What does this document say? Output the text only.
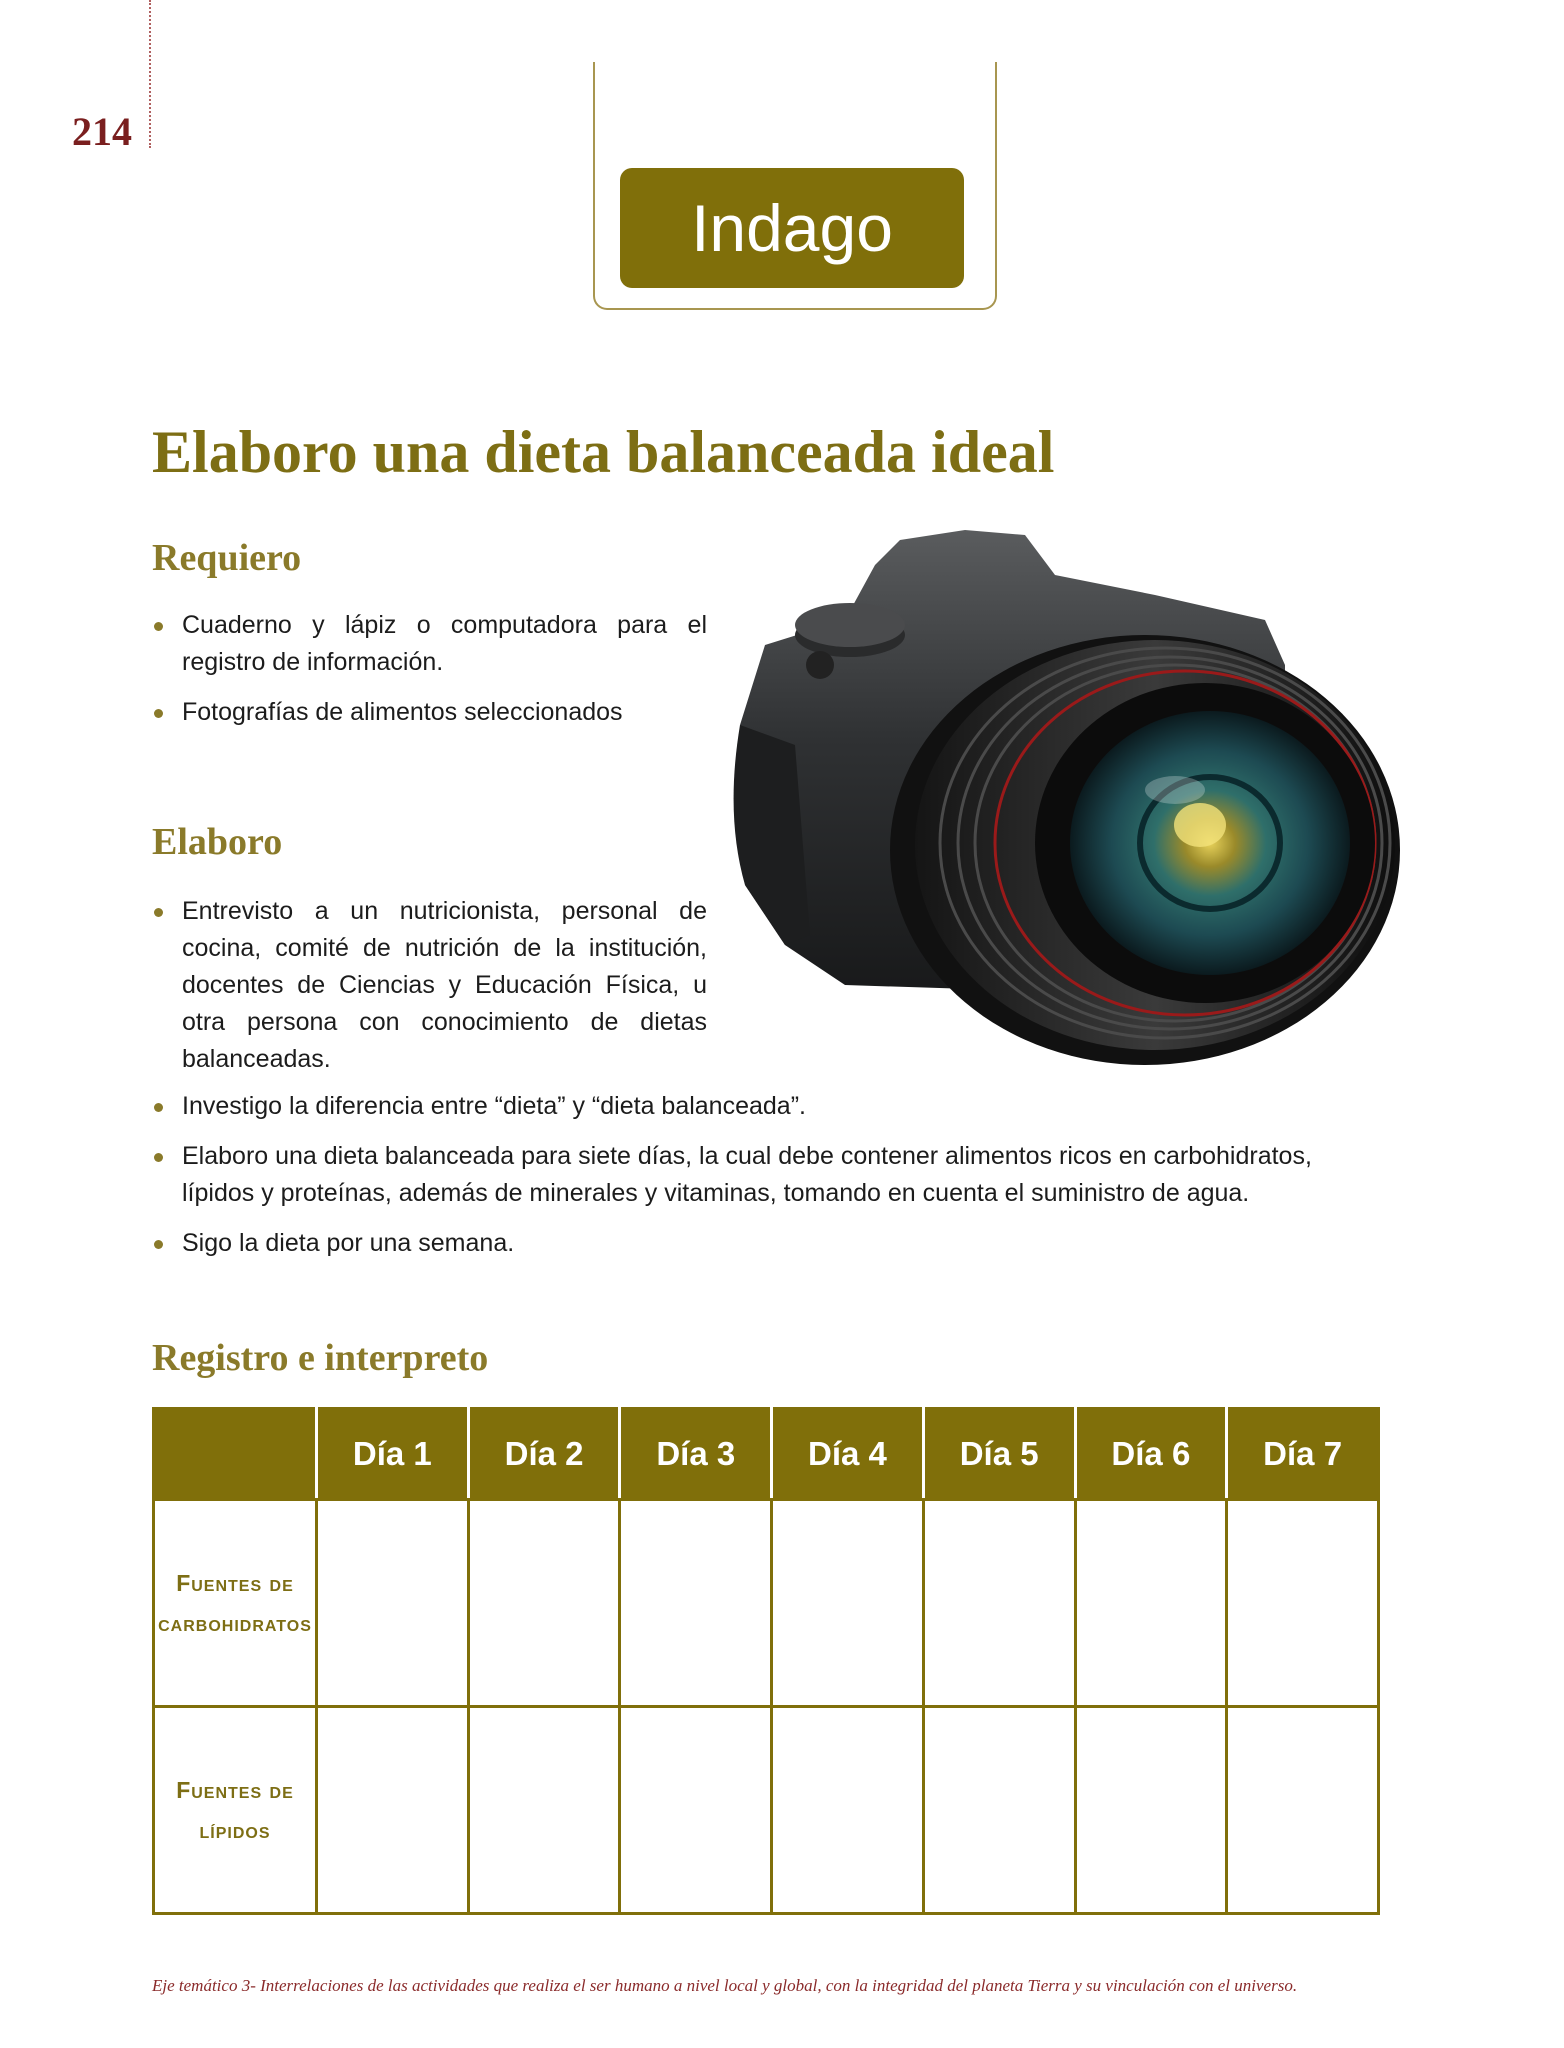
214
Indago
Elaboro una dieta balanceada ideal
Requiero
Cuaderno y lápiz o computadora para el registro de información.
Fotografías de alimentos seleccionados
Elaboro
Entrevisto a un nutricionista, personal de cocina, comité de nutrición de la institución, docentes de Ciencias y Educación Física, u otra persona con conocimiento de dietas balanceadas.
Investigo la diferencia entre “dieta” y “dieta balanceada”.
Elaboro una dieta balanceada para siete días, la cual debe contener alimentos ricos en carbohidratos, lípidos y proteínas, además de minerales y vitaminas, tomando en cuenta el suministro de agua.
Sigo la dieta por una semana.
Registro e interpreto
	Día 1	Día 2	Día 3	Día 4	Día 5	Día 6	Día 7
Fuentes de carbohidratos							
Fuentes de lípidos							
Eje temático 3- Interrelaciones de las actividades que realiza el ser humano a nivel local y global, con la integridad del planeta Tierra y su vinculación con el universo.
